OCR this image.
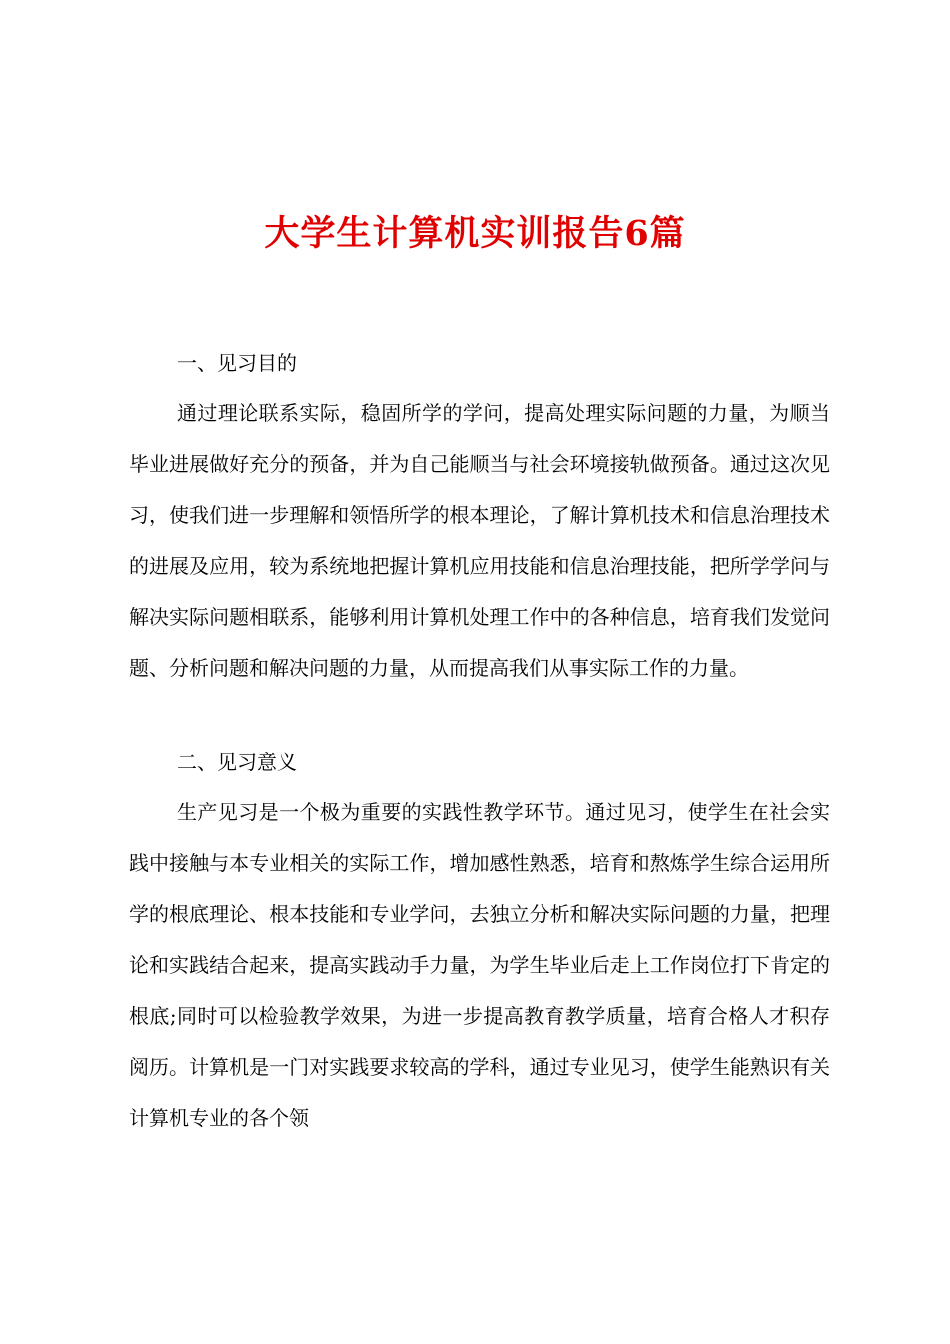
大学生计算机实训报告6篇
一、见习目的
通过理论联系实际，稳固所学的学问，提高处理实际问题的力量，为顺当毕业进展做好充分的预备，并为自己能顺当与社会环境接轨做预备。通过这次见习，使我们进一步理解和领悟所学的根本理论，了解计算机技术和信息治理技术的进展及应用，较为系统地把握计算机应用技能和信息治理技能，把所学学问与解决实际问题相联系，能够利用计算机处理工作中的各种信息，培育我们发觉问题、分析问题和解决问题的力量，从而提高我们从事实际工作的力量。
二、见习意义
生产见习是一个极为重要的实践性教学环节。通过见习，使学生在社会实践中接触与本专业相关的实际工作，增加感性熟悉，培育和熬炼学生综合运用所学的根底理论、根本技能和专业学问，去独立分析和解决实际问题的力量，把理论和实践结合起来，提高实践动手力量，为学生毕业后走上工作岗位打下肯定的根底;同时可以检验教学效果，为进一步提高教育教学质量，培育合格人才积存阅历。计算机是一门对实践要求较高的学科，通过专业见习，使学生能熟识有关计算机专业的各个领
